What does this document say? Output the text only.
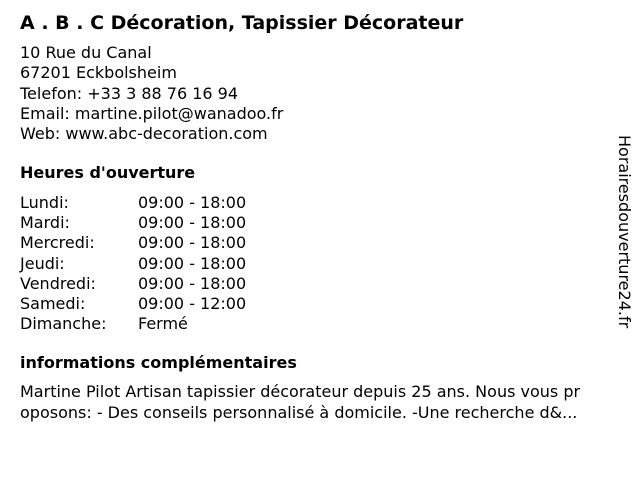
A . B . C Décoration, Tapissier Décorateur
10 Rue du Canal
67201 Eckbolsheim
Telefon: +33 3 88 76 16 94
Email: martine.pilot@wanadoo.fr
Web: www.abc-decoration.com
Heures d'ouverture
Lundi:	09:00 - 18:00
Mardi:	09:00 - 18:00
Mercredi:	09:00 - 18:00
Jeudi:	09:00 - 18:00
Vendredi:	09:00 - 18:00
Samedi:	09:00 - 12:00
Dimanche: Fermé
informations complémentaires
Martine Pilot Artisan tapissier décorateur depuis 25 ans. Nous vous pr
oposons: - Des conseils personnalisé à domicile. -Une recherche d&...
Horairesdouverture24.fr
